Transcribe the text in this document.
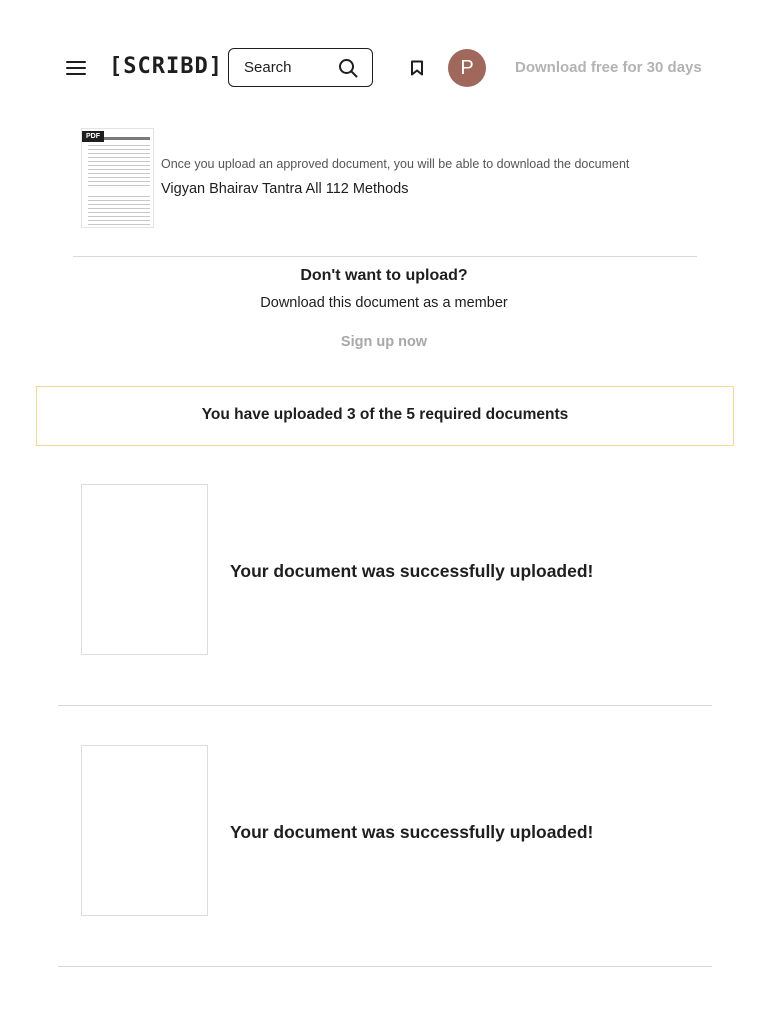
[SCRIBD] Search	P	Download free for 30 days
PDF
Once you upload an approved document, you will be able to download the document
Vigyan Bhairav Tantra All 112 Methods
Don't want to upload?
Download this document as a member
Sign up now
You have uploaded 3 of the 5 required documents
Your document was successfully uploaded!
Your document was successfully uploaded!
